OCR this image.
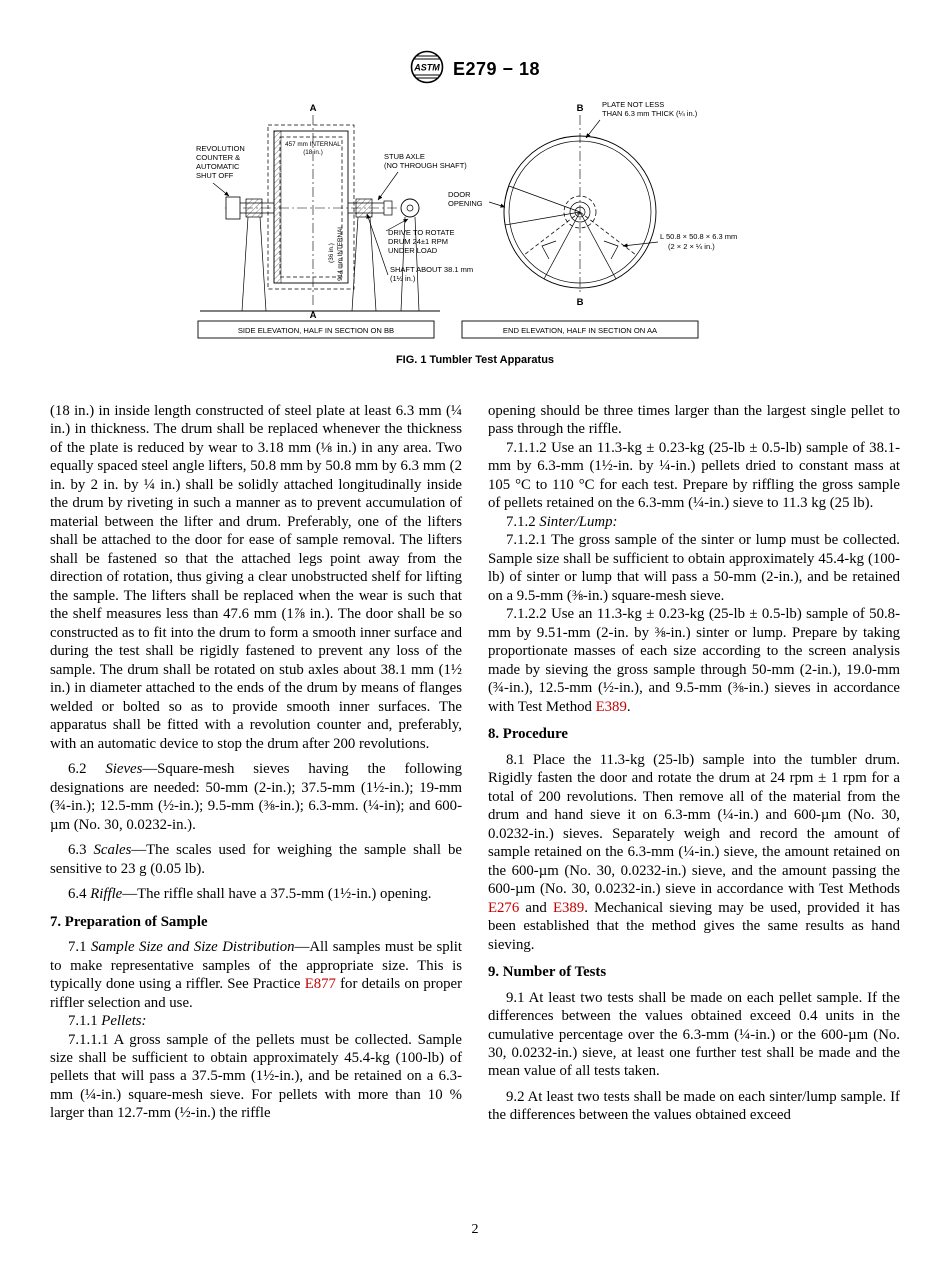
ASTM E279 − 18
A
A
457 mm INTERNAL
(18 in.)
(36 in.) 914 mm INTERNAL
REVOLUTION
COUNTER &
AUTOMATIC
SHUT OFF
STUB AXLE
(NO THROUGH SHAFT)
DRIVE TO ROTATE
DRUM 24±1 RPM
UNDER LOAD
SHAFT ABOUT 38.1 mm
(1½ in.)
SIDE ELEVATION, HALF IN SECTION ON BB
B
B
PLATE NOT LESS
THAN 6.3 mm THICK (¼ in.)
DOOR
OPENING
L 50.8 × 50.8 × 6.3 mm
(2 × 2 × ¼ in.)
END ELEVATION, HALF IN SECTION ON AA
FIG. 1 Tumbler Test Apparatus

(18 in.) in inside length constructed of steel plate at least 6.3 mm (¼ in.) in thickness. The drum shall be replaced whenever the thickness of the plate is reduced by wear to 3.18 mm (⅛ in.) in any area. Two equally spaced steel angle lifters, 50.8 mm by 50.8 mm by 6.3 mm (2 in. by 2 in. by ¼ in.) shall be solidly attached longitudinally inside the drum by riveting in such a manner as to prevent accumulation of material between the lifter and drum. Preferably, one of the lifters shall be attached to the door for ease of sample removal. The lifters shall be fastened so that the attached legs point away from the direction of rotation, thus giving a clear unobstructed shelf for lifting the sample. The lifters shall be replaced when the wear is such that the shelf measures less than 47.6 mm (1⅞ in.). The door shall be so constructed as to fit into the drum to form a smooth inner surface and during the test shall be rigidly fastened to prevent any loss of the sample. The drum shall be rotated on stub axles about 38.1 mm (1½ in.) in diameter attached to the ends of the drum by means of flanges welded or bolted so as to provide smooth inner surfaces. The apparatus shall be fitted with a revolution counter and, preferably, with an automatic device to stop the drum after 200 revolutions.

6.2 Sieves—Square-mesh sieves having the following designations are needed: 50-mm (2-in.); 37.5-mm (1½-in.); 19-mm (¾-in.); 12.5-mm (½-in.); 9.5-mm (⅜-in.); 6.3-mm. (¼-in); and 600-µm (No. 30, 0.0232-in.).

6.3 Scales—The scales used for weighing the sample shall be sensitive to 23 g (0.05 lb).

6.4 Riffle—The riffle shall have a 37.5-mm (1½-in.) opening.

7. Preparation of Sample

7.1 Sample Size and Size Distribution—All samples must be split to make representative samples of the appropriate size. This is typically done using a riffler. See Practice E877 for details on proper riffler selection and use.

7.1.1 Pellets:

7.1.1.1 A gross sample of the pellets must be collected. Sample size shall be sufficient to obtain approximately 45.4-kg (100-lb) of pellets that will pass a 37.5-mm (1½-in.), and be retained on a 6.3-mm (¼-in.) square-mesh sieve. For pellets with more than 10 % larger than 12.7-mm (½-in.) the riffle

opening should be three times larger than the largest single pellet to pass through the riffle.

7.1.1.2 Use an 11.3-kg ± 0.23-kg (25-lb ± 0.5-lb) sample of 38.1-mm by 6.3-mm (1½-in. by ¼-in.) pellets dried to constant mass at 105 °C to 110 °C for each test. Prepare by riffling the gross sample of pellets retained on the 6.3-mm (¼-in.) sieve to 11.3 kg (25 lb).

7.1.2 Sinter/Lump:

7.1.2.1 The gross sample of the sinter or lump must be collected. Sample size shall be sufficient to obtain approximately 45.4-kg (100-lb) of sinter or lump that will pass a 50-mm (2-in.), and be retained on a 9.5-mm (⅜-in.) square-mesh sieve.

7.1.2.2 Use an 11.3-kg ± 0.23-kg (25-lb ± 0.5-lb) sample of 50.8-mm by 9.51-mm (2-in. by ⅜-in.) sinter or lump. Prepare by taking proportionate masses of each size according to the screen analysis made by sieving the gross sample through 50-mm (2-in.), 19.0-mm (¾-in.), 12.5-mm (½-in.), and 9.5-mm (⅜-in.) sieves in accordance with Test Method E389.

8. Procedure

8.1 Place the 11.3-kg (25-lb) sample into the tumbler drum. Rigidly fasten the door and rotate the drum at 24 rpm ± 1 rpm for a total of 200 revolutions. Then remove all of the material from the drum and hand sieve it on 6.3-mm (¼-in.) and 600-µm (No. 30, 0.0232-in.) sieves. Separately weigh and record the amount of sample retained on the 6.3-mm (¼-in.) sieve, the amount retained on the 600-µm (No. 30, 0.0232-in.) sieve, and the amount passing the 600-µm (No. 30, 0.0232-in.) sieve in accordance with Test Methods E276 and E389. Mechanical sieving may be used, provided it has been established that the method gives the same results as hand sieving.

9. Number of Tests

9.1 At least two tests shall be made on each pellet sample. If the differences between the values obtained exceed 0.4 units in the cumulative percentage over the 6.3-mm (¼-in.) or the 600-µm (No. 30, 0.0232-in.) sieve, at least one further test shall be made and the mean value of all tests taken.

9.2 At least two tests shall be made on each sinter/lump sample. If the differences between the values obtained exceed

2
